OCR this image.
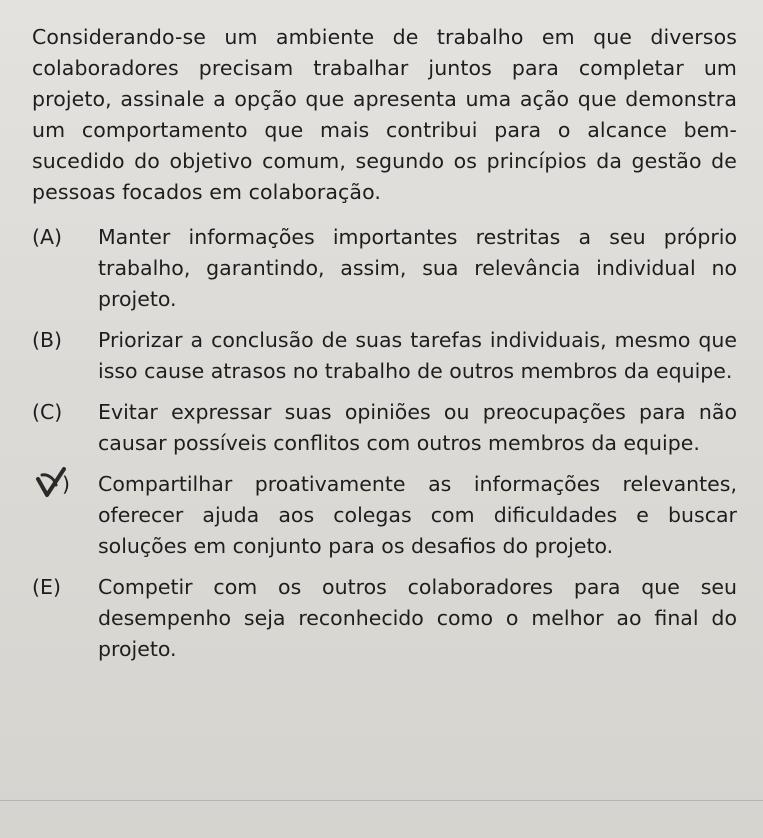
Considerando-se um ambiente de trabalho em que diversos colaboradores precisam trabalhar juntos para completar um projeto, assinale a opção que apresenta uma ação que demonstra um comportamento que mais contribui para o alcance bem-sucedido do objetivo comum, segundo os princípios da gestão de pessoas focados em colaboração.

(A)	Manter informações importantes restritas a seu próprio trabalho, garantindo, assim, sua relevância individual no projeto.
(B)	Priorizar a conclusão de suas tarefas individuais, mesmo que isso cause atrasos no trabalho de outros membros da equipe.
(C)	Evitar expressar suas opiniões ou preocupações para não causar possíveis conflitos com outros membros da equipe.
)	Compartilhar proativamente as informações relevantes, oferecer ajuda aos colegas com dificuldades e buscar soluções em conjunto para os desafios do projeto.
(E)	Competir com os outros colaboradores para que seu desempenho seja reconhecido como o melhor ao final do projeto.
